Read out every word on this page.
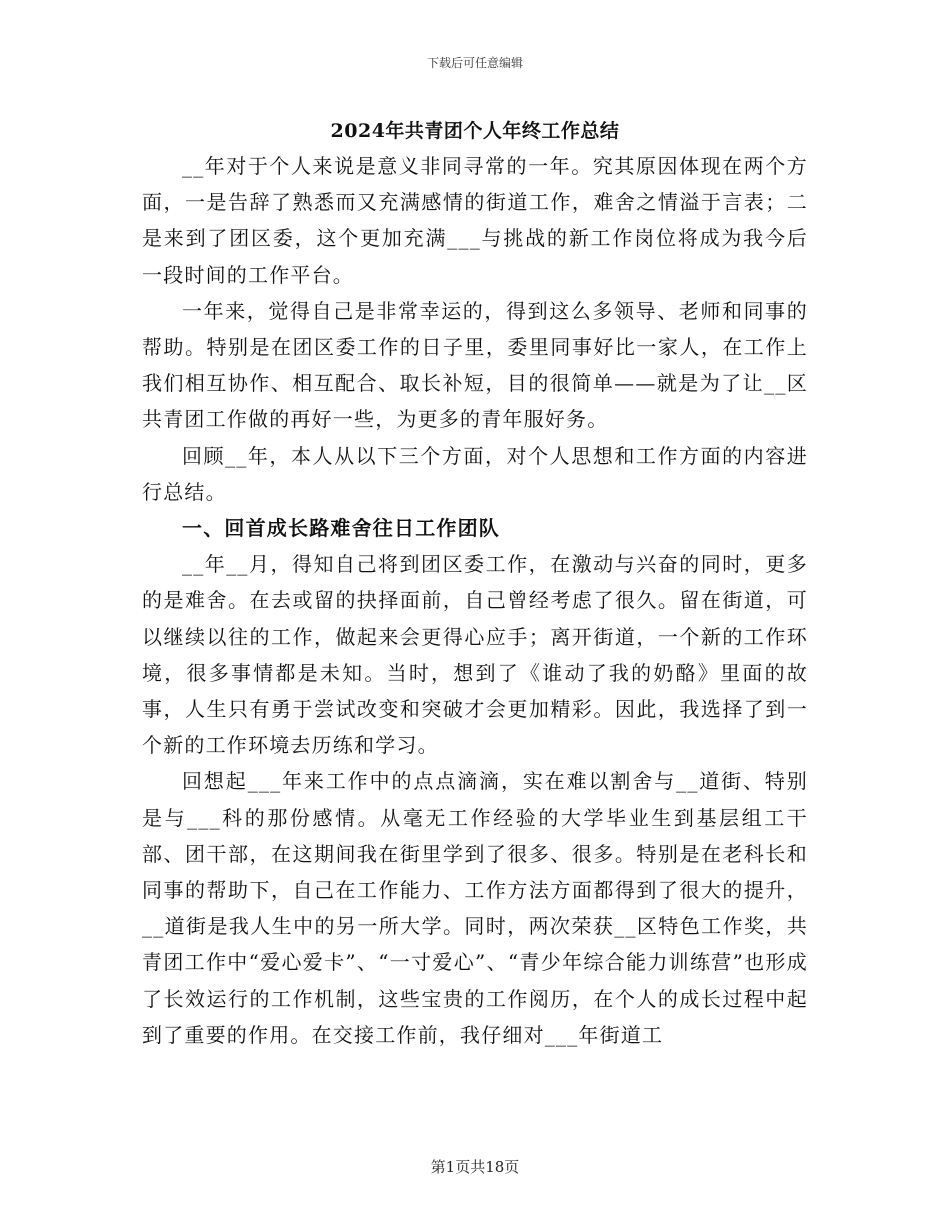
下载后可任意编辑
2024年共青团个人年终工作总结

__年对于个人来说是意义非同寻常的一年。究其原因体现在两个方面，一是告辞了熟悉而又充满感情的街道工作，难舍之情溢于言表；二是来到了团区委，这个更加充满___与挑战的新工作岗位将成为我今后一段时间的工作平台。

一年来，觉得自己是非常幸运的，得到这么多领导、老师和同事的帮助。特别是在团区委工作的日子里，委里同事好比一家人，在工作上我们相互协作、相互配合、取长补短，目的很简单——就是为了让__区共青团工作做的再好一些，为更多的青年服好务。

回顾__年，本人从以下三个方面，对个人思想和工作方面的内容进行总结。

一、回首成长路难舍往日工作团队

__年__月，得知自己将到团区委工作，在激动与兴奋的同时，更多的是难舍。在去或留的抉择面前，自己曾经考虑了很久。留在街道，可以继续以往的工作，做起来会更得心应手；离开街道，一个新的工作环境，很多事情都是未知。当时，想到了《谁动了我的奶酪》里面的故事，人生只有勇于尝试改变和突破才会更加精彩。因此，我选择了到一个新的工作环境去历练和学习。

回想起___年来工作中的点点滴滴，实在难以割舍与__道街、特别是与___科的那份感情。从毫无工作经验的大学毕业生到基层组工干部、团干部，在这期间我在街里学到了很多、很多。特别是在老科长和同事的帮助下，自己在工作能力、工作方法方面都得到了很大的提升，__道街是我人生中的另一所大学。同时，两次荣获__区特色工作奖，共青团工作中“爱心爱卡”、“一寸爱心”、“青少年综合能力训练营”也形成了长效运行的工作机制，这些宝贵的工作阅历，在个人的成长过程中起到了重要的作用。在交接工作前，我仔细对___年街道工

第1页共18页
